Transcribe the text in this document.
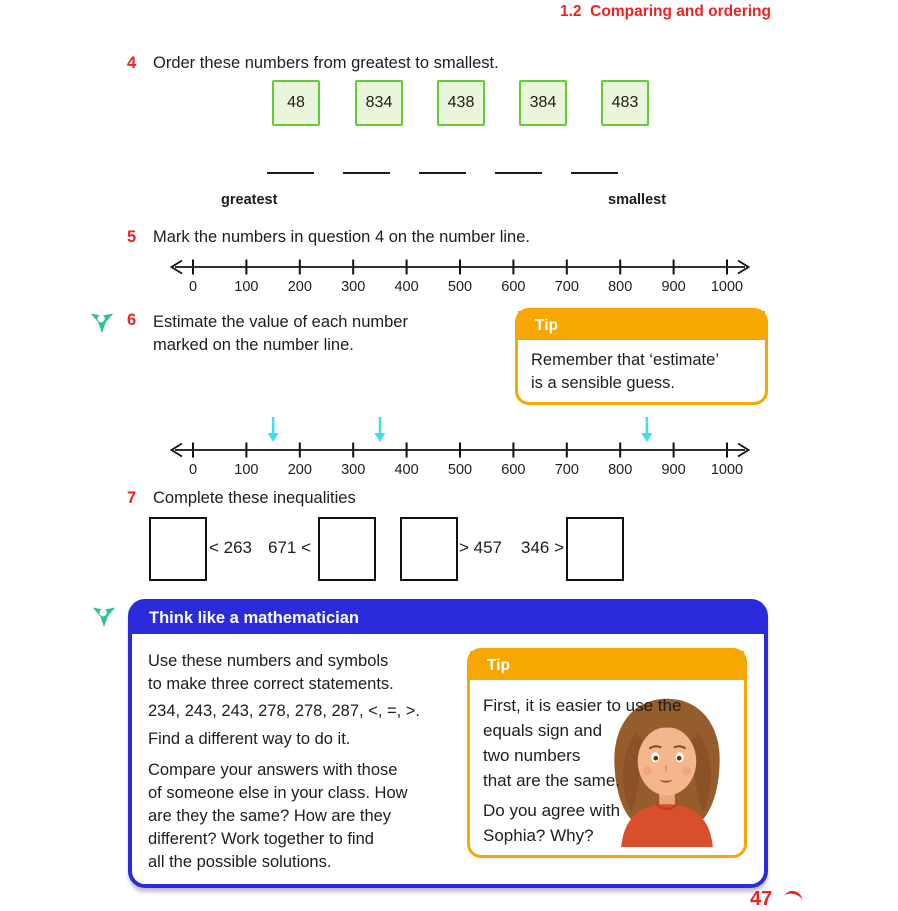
1.2  Comparing and ordering
4 Order these numbers from greatest to smallest.
48	834	438	384	483
greatest	smallest
5 Mark the numbers in question 4 on the number line.
0	100	200	300	400	500	600	700	800	900	1000
6 Estimate the value of each number
marked on the number line.
Tip
Remember that ‘estimate’
is a sensible guess.
0	100	200	300	400	500	600	700	800	900	1000
7 Complete these inequalities
< 263 671 <	> 457 346 >
Think like a mathematician
Use these numbers and symbols
to make three correct statements.
234, 243, 243, 278, 278, 287, <, =, >.
Find a different way to do it.
Compare your answers with those
of someone else in your class. How
are they the same? How are they
different? Work together to find
all the possible solutions.
Tip
First, it is easier to use the
equals sign and
two numbers
that are the same.
Do you agree with
Sophia? Why?
47
